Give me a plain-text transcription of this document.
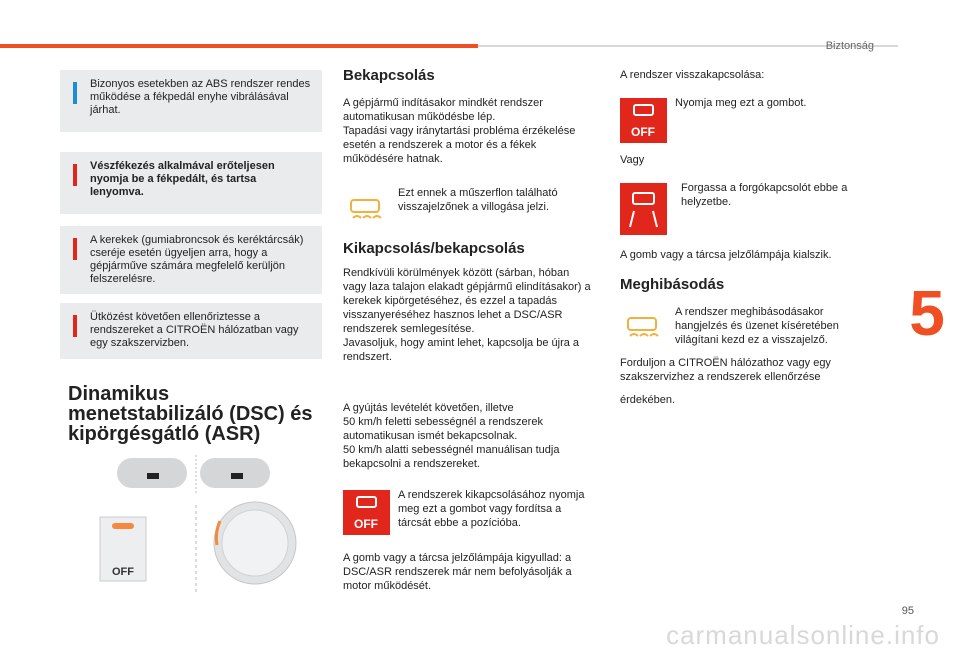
Biztonság
5
Bizonyos esetekben az ABS rendszer rendes működése a fékpedál enyhe vibrálásával járhat.
Vészfékezés alkalmával erőteljesen nyomja be a fékpedált, és tartsa lenyomva.
A kerekek (gumiabroncsok és keréktárcsák) cseréje esetén ügyeljen arra, hogy a gépjárműve számára megfelelő kerüljön felszerelésre.
Ütközést követően ellenőriztesse a rendszereket a CITROËN hálózatban vagy egy szakszervizben.
Dinamikus menetstabilizáló (DSC) és kipörgésgátló (ASR)
OFF
Bekapcsolás
A gépjármű indításakor mindkét rendszer automatikusan működésbe lép.
Tapadási vagy iránytartási probléma érzékelése esetén a rendszerek a motor és a fékek működésére hatnak.
Ezt ennek a műszerflon található visszajelzőnek a villogása jelzi.
Kikapcsolás/bekapcsolás
Rendkívüli körülmények között (sárban, hóban vagy laza talajon elakadt gépjármű elindításakor) a kerekek kipörgetéséhez, és ezzel a tapadás visszanyeréséhez hasznos lehet a DSC/ASR rendszerek semlegesítése.
Javasoljuk, hogy amint lehet, kapcsolja be újra a rendszert.
A gyújtás levételét követően, illetve
50 km/h feletti sebességnél a rendszerek automatikusan ismét bekapcsolnak.
50 km/h alatti sebességnél manuálisan tudja bekapcsolni a rendszereket.
OFF
A rendszerek kikapcsolásához nyomja meg ezt a gombot vagy fordítsa a tárcsát ebbe a pozícióba.
A gomb vagy a tárcsa jelzőlámpája kigyullad: a DSC/ASR rendszerek már nem befolyásolják a motor működését.
A rendszer visszakapcsolása:
OFF
Nyomja meg ezt a gombot.
Vagy
Forgassa a forgókapcsolót ebbe a helyzetbe.
A gomb vagy a tárcsa jelzőlámpája kialszik.
Meghibásodás
A rendszer meghibásodásakor hangjelzés és üzenet kíséretében világítani kezd ez a visszajelző.
Forduljon a CITROËN hálózathoz vagy egy szakszervizhez a rendszerek ellenőrzése
érdekében.
95
carmanualsonline.info
